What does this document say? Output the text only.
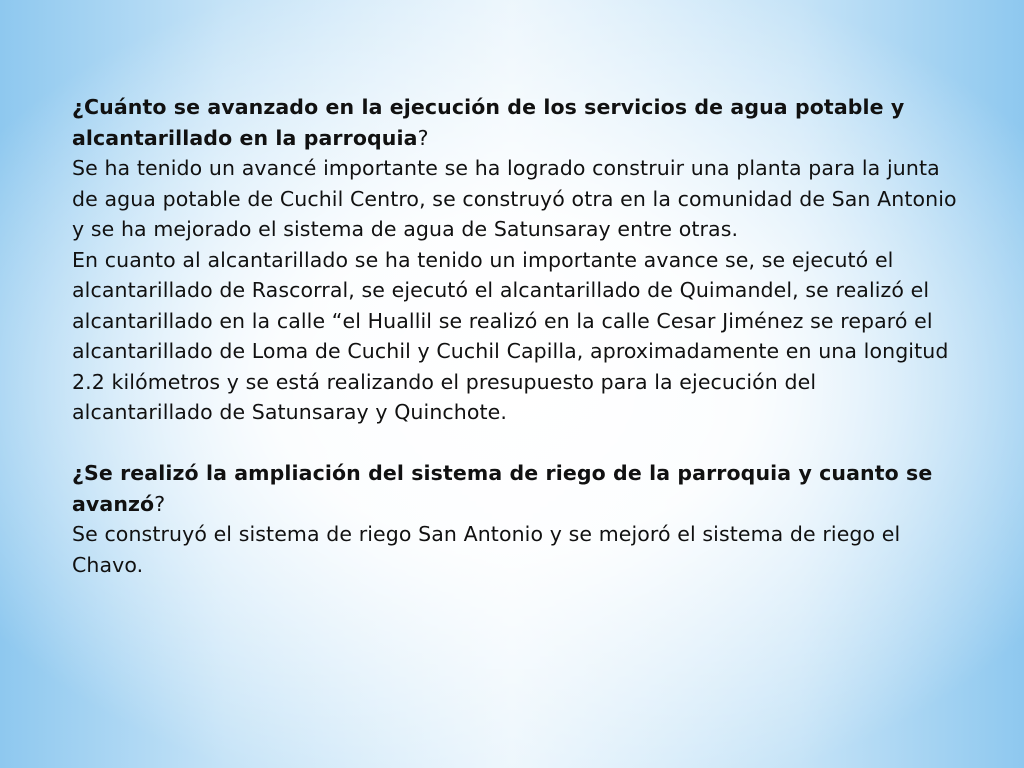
¿Cuánto se avanzado en la ejecución de los servicios de agua potable y alcantarillado en la parroquia?

Se ha tenido un avancé importante se ha logrado construir una planta para la junta de agua potable de Cuchil Centro, se construyó otra en la comunidad de San Antonio y se ha mejorado el sistema de agua de Satunsaray entre otras.

En cuanto al alcantarillado se ha tenido un importante avance se, se ejecutó el alcantarillado de Rascorral, se ejecutó el alcantarillado de Quimandel, se realizó el alcantarillado en la calle “el Huallil se realizó en la calle Cesar Jiménez se reparó el alcantarillado de Loma de Cuchil y Cuchil Capilla, aproximadamente en una longitud 2.2 kilómetros y se está realizando el presupuesto para la ejecución del alcantarillado de Satunsaray y Quinchote.

¿Se realizó la ampliación del sistema de riego de la parroquia y cuanto se avanzó?

Se construyó el sistema de riego San Antonio y se mejoró el sistema de riego el Chavo.
